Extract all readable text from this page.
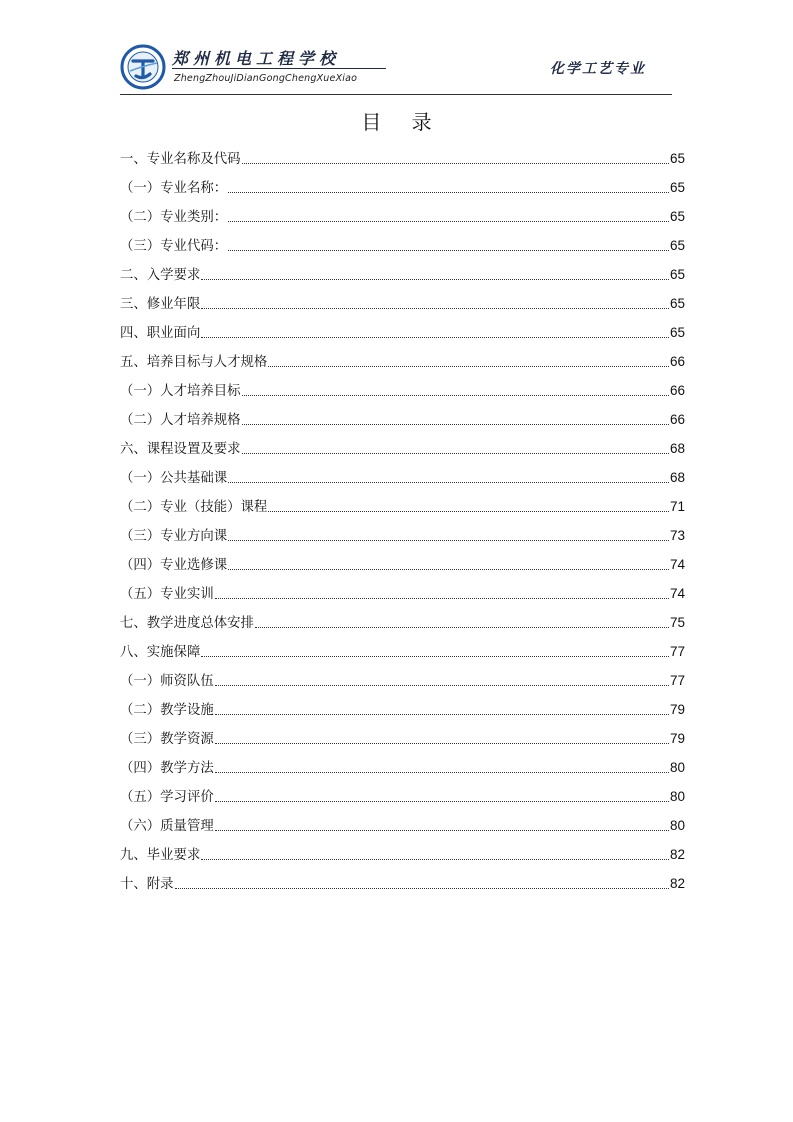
郑州机电工程学校
ZhengZhouJiDianGongChengXueXiao
化学工艺专业
目 录
一、专业名称及代码	65
（一）专业名称：	65
（二）专业类别：	65
（三）专业代码：	65
二、入学要求	65
三、修业年限	65
四、职业面向	65
五、培养目标与人才规格	66
（一）人才培养目标	66
（二）人才培养规格	66
六、课程设置及要求	68
（一）公共基础课	68
（二）专业（技能）课程	71
（三）专业方向课	73
（四）专业选修课	74
（五）专业实训	74
七、教学进度总体安排	75
八、实施保障	77
（一）师资队伍	77
（二）教学设施	79
（三）教学资源	79
（四）教学方法	80
（五）学习评价	80
（六）质量管理	80
九、毕业要求	82
十、附录	82
